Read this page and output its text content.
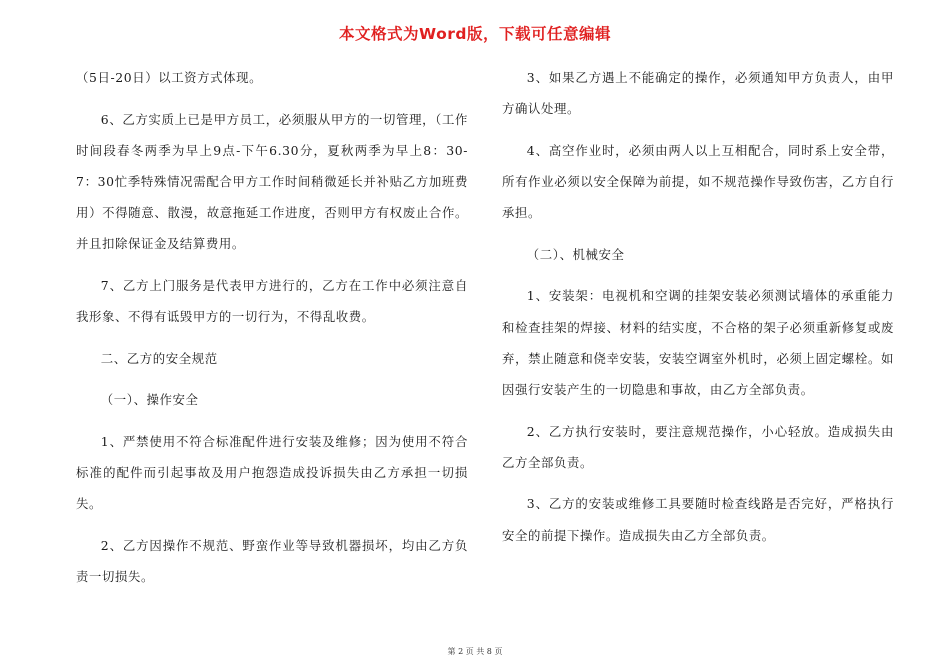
本文格式为Word版，下载可任意编辑

（5日-20日）以工资方式体现。

6、乙方实质上已是甲方员工，必须服从甲方的一切管理，（工作时间段春冬两季为早上9点-下午6.30分，夏秋两季为早上8：30-7：30忙季特殊情况需配合甲方工作时间稍微延长并补贴乙方加班费用）不得随意、散漫，故意拖延工作进度，否则甲方有权废止合作。并且扣除保证金及结算费用。

7、乙方上门服务是代表甲方进行的，乙方在工作中必须注意自我形象、不得有诋毁甲方的一切行为，不得乱收费。

二、乙方的安全规范

（一）、操作安全

1、严禁使用不符合标准配件进行安装及维修；因为使用不符合标准的配件而引起事故及用户抱怨造成投诉损失由乙方承担一切损失。

2、乙方因操作不规范、野蛮作业等导致机器损坏，均由乙方负责一切损失。

3、如果乙方遇上不能确定的操作，必须通知甲方负责人，由甲方确认处理。

4、高空作业时，必须由两人以上互相配合，同时系上安全带，所有作业必须以安全保障为前提，如不规范操作导致伤害，乙方自行承担。

（二）、机械安全

1、安装架：电视机和空调的挂架安装必须测试墙体的承重能力和检查挂架的焊接、材料的结实度，不合格的架子必须重新修复或废弃，禁止随意和侥幸安装，安装空调室外机时，必须上固定螺栓。如因强行安装产生的一切隐患和事故，由乙方全部负责。

2、乙方执行安装时，要注意规范操作，小心轻放。造成损失由乙方全部负责。

3、乙方的安装或维修工具要随时检查线路是否完好，严格执行安全的前提下操作。造成损失由乙方全部负责。

第 2 页 共 8 页
